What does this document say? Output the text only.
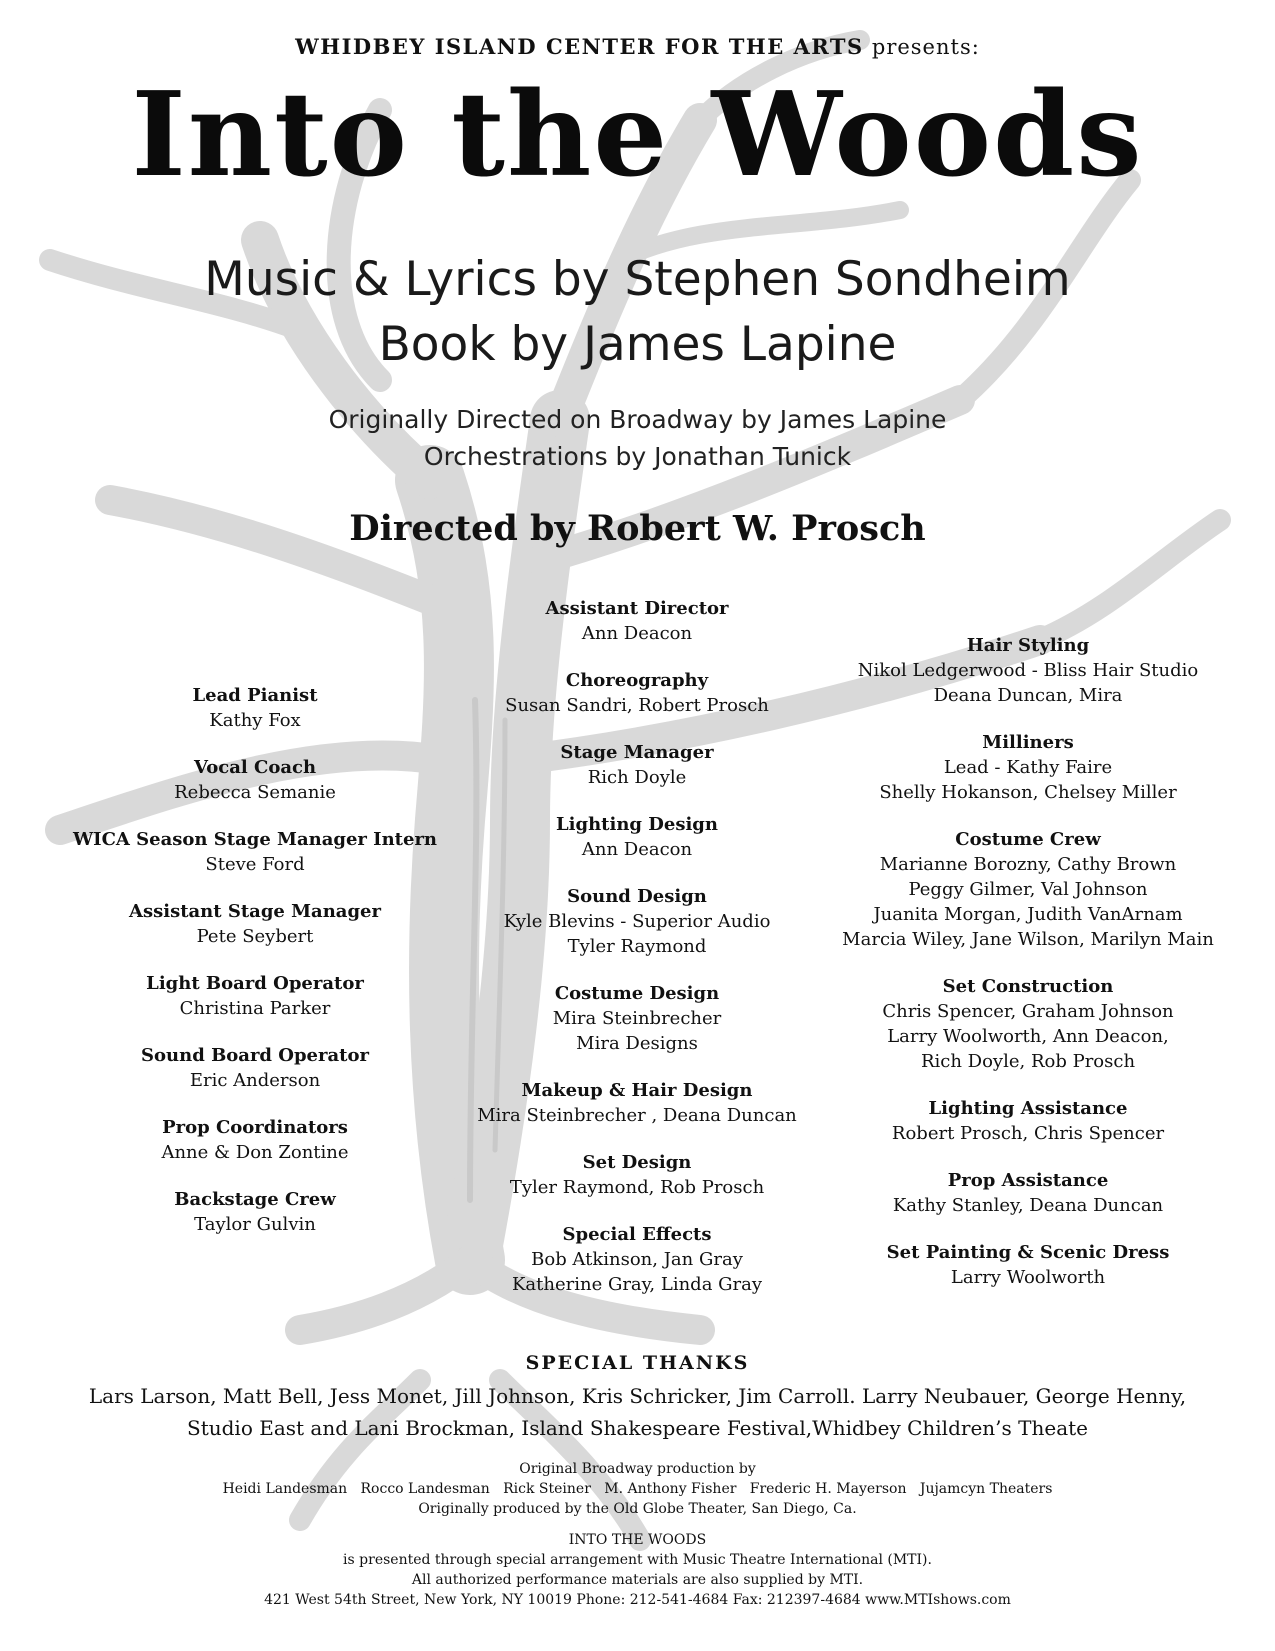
WHIDBEY ISLAND CENTER FOR THE ARTS presents:
Into the Woods
Music & Lyrics by Stephen Sondheim
Book by James Lapine
Originally Directed on Broadway by James Lapine
Orchestrations by Jonathan Tunick
Directed by Robert W. Prosch
Lead Pianist
Kathy Fox
Vocal Coach
Rebecca Semanie
WICA Season Stage Manager Intern
Steve Ford
Assistant Stage Manager
Pete Seybert
Light Board Operator
Christina Parker
Sound Board Operator
Eric Anderson
Prop Coordinators
Anne & Don Zontine
Backstage Crew
Taylor Gulvin
Assistant Director
Ann Deacon
Choreography
Susan Sandri, Robert Prosch
Stage Manager
Rich Doyle
Lighting Design
Ann Deacon
Sound Design
Kyle Blevins - Superior Audio
Tyler Raymond
Costume Design
Mira Steinbrecher
Mira Designs
Makeup & Hair Design
Mira Steinbrecher , Deana Duncan
Set Design
Tyler Raymond, Rob Prosch
Special Effects
Bob Atkinson, Jan Gray
Katherine Gray, Linda Gray
Hair Styling
Nikol Ledgerwood - Bliss Hair Studio
Deana Duncan, Mira
Milliners
Lead - Kathy Faire
Shelly Hokanson, Chelsey Miller
Costume Crew
Marianne Borozny, Cathy Brown
Peggy Gilmer, Val Johnson
Juanita Morgan, Judith VanArnam
Marcia Wiley, Jane Wilson, Marilyn Main
Set Construction
Chris Spencer, Graham Johnson
Larry Woolworth, Ann Deacon,
Rich Doyle, Rob Prosch
Lighting Assistance
Robert Prosch, Chris Spencer
Prop Assistance
Kathy Stanley, Deana Duncan
Set Painting & Scenic Dress
Larry Woolworth
SPECIAL THANKS
Lars Larson, Matt Bell, Jess Monet, Jill Johnson, Kris Schricker, Jim Carroll. Larry Neubauer, George Henny,
Studio East and Lani Brockman, Island Shakespeare Festival,Whidbey Children’s Theate
Original Broadway production by
Heidi Landesman   Rocco Landesman   Rick Steiner   M. Anthony Fisher   Frederic H. Mayerson   Jujamcyn Theaters
Originally produced by the Old Globe Theater, San Diego, Ca.
INTO THE WOODS
is presented through special arrangement with Music Theatre International (MTI).
All authorized performance materials are also supplied by MTI.
421 West 54th Street, New York, NY 10019 Phone: 212-541-4684 Fax: 212397-4684 www.MTIshows.com
